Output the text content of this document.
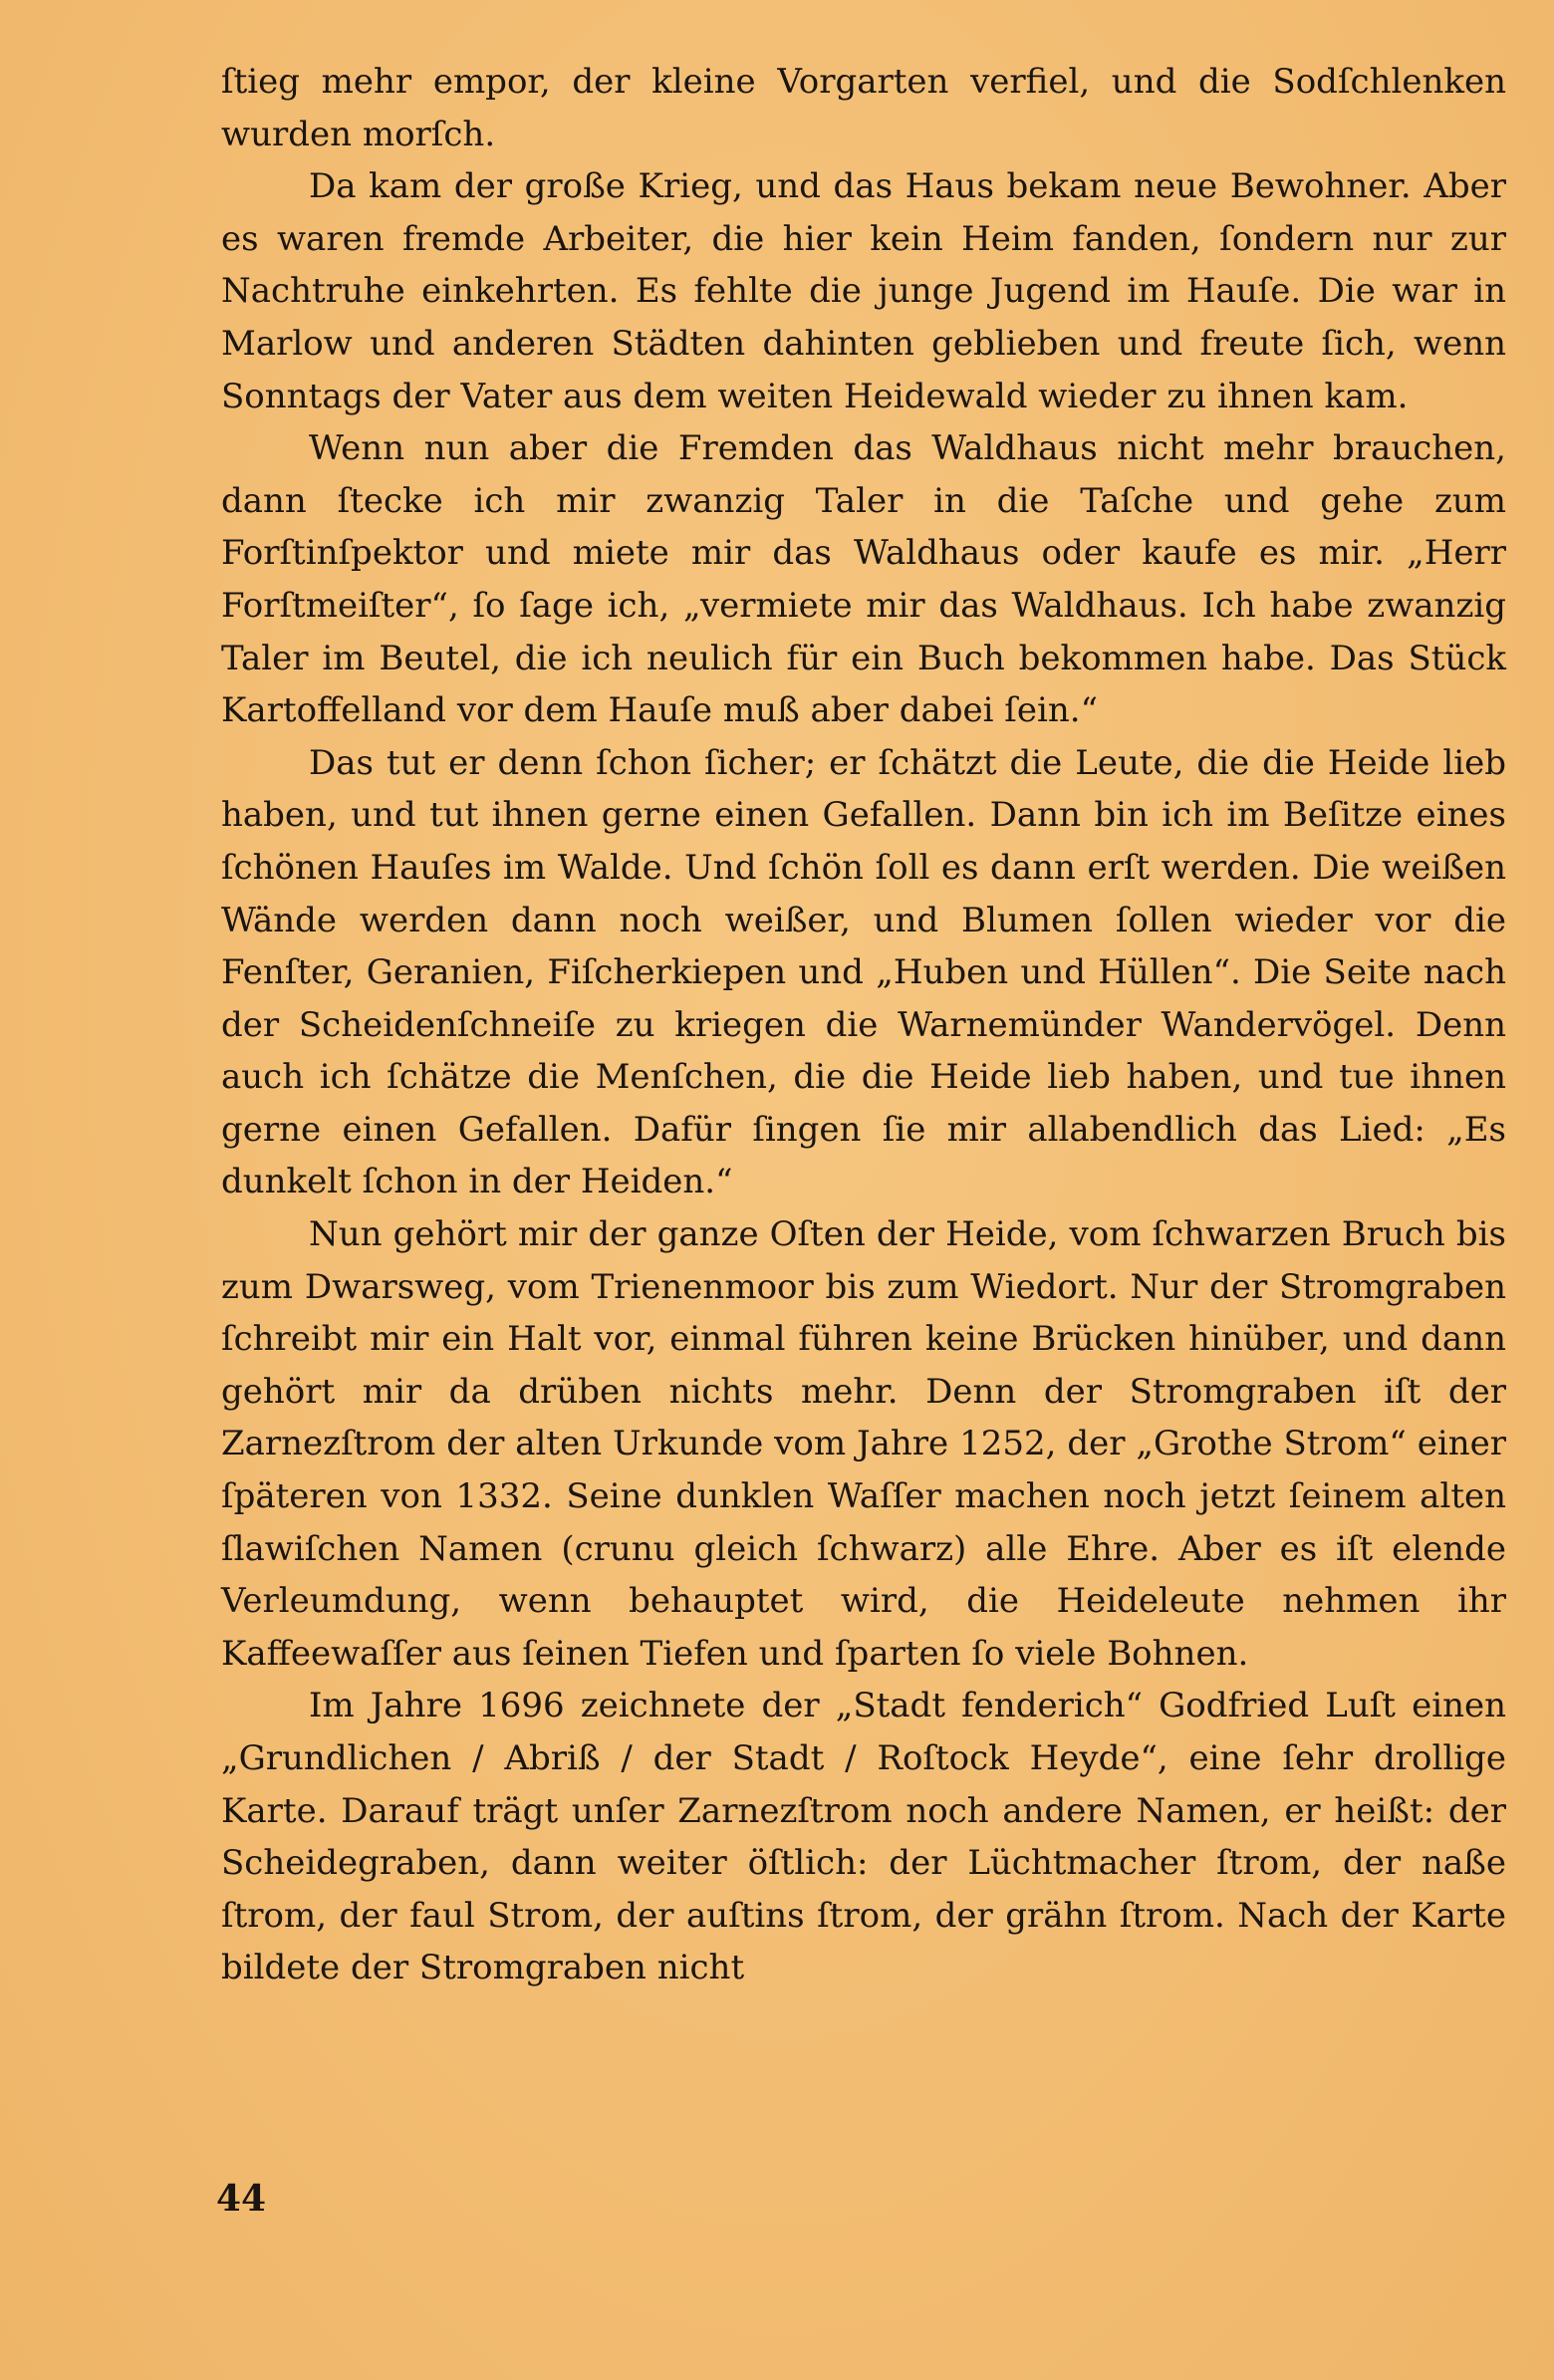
ſtieg mehr empor, der kleine Vorgarten verfiel, und die Sodſchlenken wurden morſch.

Da kam der große Krieg, und das Haus bekam neue Bewohner. Aber es waren fremde Arbeiter, die hier kein Heim fanden, ſondern nur zur Nachtruhe einkehrten. Es fehlte die junge Jugend im Hauſe. Die war in Marlow und anderen Städten dahinten geblieben und freute ſich, wenn Sonntags der Vater aus dem weiten Heidewald wieder zu ihnen kam.

Wenn nun aber die Fremden das Waldhaus nicht mehr brauchen, dann ſtecke ich mir zwanzig Taler in die Taſche und gehe zum Forſtinſpektor und miete mir das Waldhaus oder kaufe es mir. „Herr Forſtmeiſter“, ſo ſage ich, „vermiete mir das Waldhaus. Ich habe zwanzig Taler im Beutel, die ich neulich für ein Buch bekommen habe. Das Stück Kartoffelland vor dem Hauſe muß aber dabei ſein.“

Das tut er denn ſchon ſicher; er ſchätzt die Leute, die die Heide lieb haben, und tut ihnen gerne einen Gefallen. Dann bin ich im Beſitze eines ſchönen Hauſes im Walde. Und ſchön ſoll es dann erſt werden. Die weißen Wände werden dann noch weißer, und Blumen ſollen wieder vor die Fenſter, Geranien, Fiſcherkiepen und „Huben und Hüllen“. Die Seite nach der Scheidenſchneiſe zu kriegen die Warnemünder Wandervögel. Denn auch ich ſchätze die Menſchen, die die Heide lieb haben, und tue ihnen gerne einen Gefallen. Dafür ſingen ſie mir allabendlich das Lied: „Es dunkelt ſchon in der Heiden.“

Nun gehört mir der ganze Oſten der Heide, vom ſchwarzen Bruch bis zum Dwarsweg, vom Trienenmoor bis zum Wiedort. Nur der Stromgraben ſchreibt mir ein Halt vor, einmal führen keine Brücken hinüber, und dann gehört mir da drüben nichts mehr. Denn der Stromgraben iſt der Zarnezſtrom der alten Urkunde vom Jahre 1252, der „Grothe Strom“ einer ſpäteren von 1332. Seine dunklen Waſſer machen noch jetzt ſeinem alten ſlawiſchen Namen (crunu gleich ſchwarz) alle Ehre. Aber es iſt elende Verleumdung, wenn behauptet wird, die Heideleute nehmen ihr Kaffeewaſſer aus ſeinen Tiefen und ſparten ſo viele Bohnen.

Im Jahre 1696 zeichnete der „Stadt fenderich“ Godfried Luſt einen „Grundlichen / Abriß / der Stadt / Roſtock Heyde“, eine ſehr drollige Karte. Darauf trägt unſer Zarnezſtrom noch andere Namen, er heißt: der Scheidegraben, dann weiter öſtlich: der Lüchtmacher ſtrom, der naße ſtrom, der faul Strom, der auſtins ſtrom, der grähn ſtrom. Nach der Karte bildete der Stromgraben nicht

44
